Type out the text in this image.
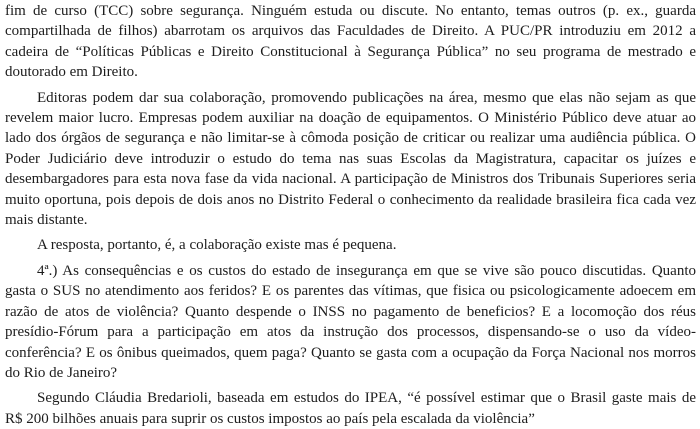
fim de curso (TCC) sobre segurança. Ninguém estuda ou discute. No entanto, temas outros (p. ex., guarda
compartilhada de filhos) abarrotam os arquivos das Faculdades de Direito. A PUC/PR introduziu em 2012 a
cadeira de “Políticas Públicas e Direito Constitucional à Segurança Pública” no seu programa de mestrado e
doutorado em Direito.

Editoras podem dar sua colaboração, promovendo publicações na área, mesmo que elas não sejam as que
revelem maior lucro. Empresas podem auxiliar na doação de equipamentos. O Ministério Público deve atuar ao
lado dos órgãos de segurança e não limitar-se à cômoda posição de criticar ou realizar uma audiência pública. O
Poder Judiciário deve introduzir o estudo do tema nas suas Escolas da Magistratura, capacitar os juízes e
desembargadores para esta nova fase da vida nacional. A participação de Ministros dos Tribunais Superiores seria
muito oportuna, pois depois de dois anos no Distrito Federal o conhecimento da realidade brasileira fica cada vez
mais distante.

A resposta, portanto, é, a colaboração existe mas é pequena.

4ª.) As consequências e os custos do estado de insegurança em que se vive são pouco discutidas. Quanto
gasta o SUS no atendimento aos feridos? E os parentes das vítimas, que fisica ou psicologicamente adoecem em
razão de atos de violência? Quanto despende o INSS no pagamento de beneficios? E a locomoção dos réus
presídio-Fórum para a participação em atos da instrução dos processos, dispensando-se o uso da vídeo-
conferência? E os ônibus queimados, quem paga? Quanto se gasta com a ocupação da Força Nacional nos morros
do Rio de Janeiro?

Segundo Cláudia Bredarioli, baseada em estudos do IPEA, “é possível estimar que o Brasil gaste mais de
R$ 200 bilhões anuais para suprir os custos impostos ao país pela escalada da violência”
